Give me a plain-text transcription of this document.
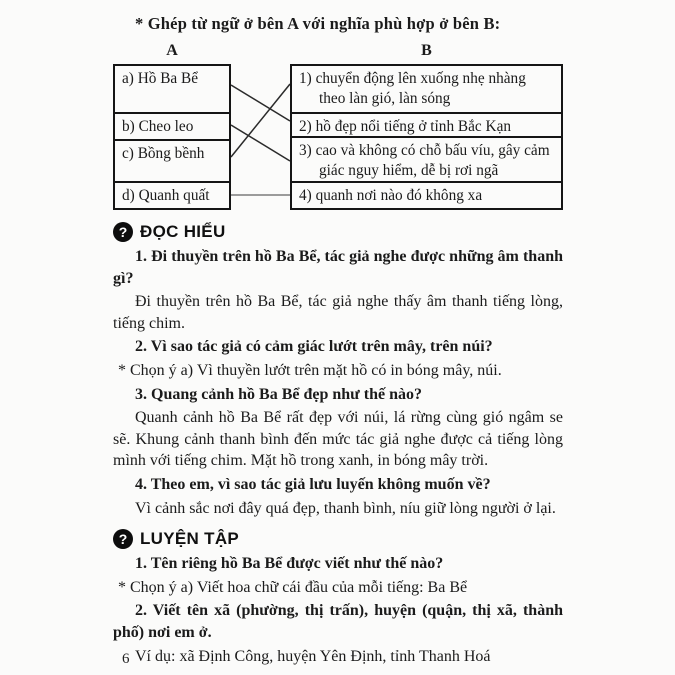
* Ghép từ ngữ ở bên A với nghĩa phù hợp ở bên B:
A	B
a) Hồ Ba Bể
b) Cheo leo
c) Bồng bềnh
d) Quanh quất
1) chuyển động lên xuống nhẹ nhàng theo làn gió, làn sóng
2) hồ đẹp nổi tiếng ở tỉnh Bắc Kạn
3) cao và không có chỗ bấu víu, gây cảm giác nguy hiểm, dễ bị rơi ngã
4) quanh nơi nào đó không xa
? ĐỌC HIỂU

1. Đi thuyền trên hồ Ba Bể, tác giả nghe được những âm thanh gì?

Đi thuyền trên hồ Ba Bể, tác giả nghe thấy âm thanh tiếng lòng, tiếng chim.

2. Vì sao tác giả có cảm giác lướt trên mây, trên núi?

* Chọn ý a) Vì thuyền lướt trên mặt hồ có in bóng mây, núi.

3. Quang cảnh hồ Ba Bể đẹp như thế nào?

Quanh cảnh hồ Ba Bể rất đẹp với núi, lá rừng cùng gió ngâm se sẽ. Khung cảnh thanh bình đến mức tác giả nghe được cả tiếng lòng mình với tiếng chim. Mặt hồ trong xanh, in bóng mây trời.

4. Theo em, vì sao tác giả lưu luyến không muốn về?

Vì cảnh sắc nơi đây quá đẹp, thanh bình, níu giữ lòng người ở lại.

? LUYỆN TẬP

1. Tên riêng hồ Ba Bể được viết như thế nào?

* Chọn ý a) Viết hoa chữ cái đầu của mỗi tiếng: Ba Bể

2. Viết tên xã (phường, thị trấn), huyện (quận, thị xã, thành phố) nơi em ở.

Ví dụ: xã Định Công, huyện Yên Định, tỉnh Thanh Hoá

6
